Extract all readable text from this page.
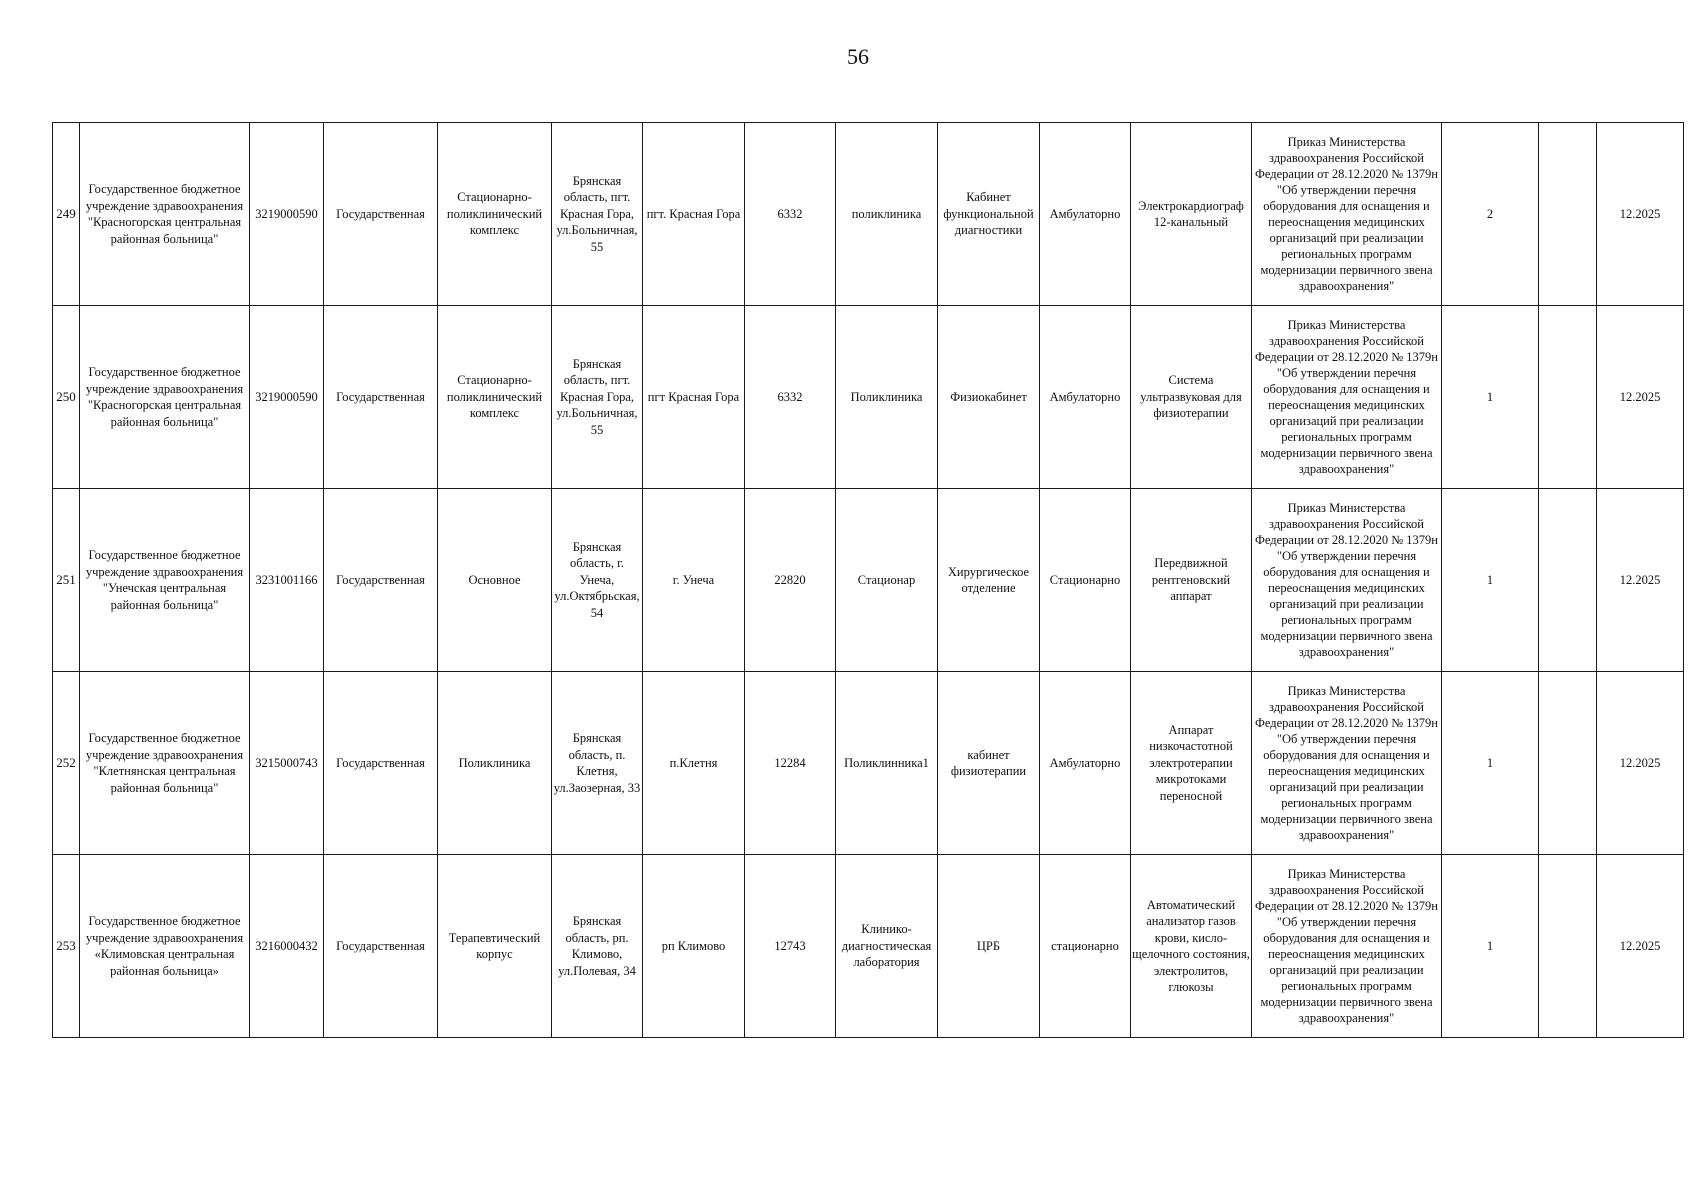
56
249	Государственное бюджетное учреждение здравоохранения "Красногорская центральная районная больница"	3219000590	Государственная	Стационарно-поликлинический комплекс	Брянская область, пгт. Красная Гора, ул.Больничная, 55	пгт. Красная Гора	6332	поликлиника	Кабинет функциональной диагностики	Амбулаторно	Электрокардиограф 12-канальный	Приказ Министерства здравоохранения Российской Федерации от 28.12.2020 № 1379н "Об утверждении перечня оборудования для оснащения и переоснащения медицинских организаций при реализации региональных программ модернизации первичного звена здравоохранения"	2		12.2025
250	Государственное бюджетное учреждение здравоохранения "Красногорская центральная районная больница"	3219000590	Государственная	Стационарно-поликлинический комплекс	Брянская область, пгт. Красная Гора, ул.Больничная, 55	пгт Красная Гора	6332	Поликлиника	Физиокабинет	Амбулаторно	Система ультразвуковая для физиотерапии	Приказ Министерства здравоохранения Российской Федерации от 28.12.2020 № 1379н "Об утверждении перечня оборудования для оснащения и переоснащения медицинских организаций при реализации региональных программ модернизации первичного звена здравоохранения"	1		12.2025
251	Государственное бюджетное учреждение здравоохранения "Унечская центральная районная больница"	3231001166	Государственная	Основное	Брянская область, г. Унеча, ул.Октябрьская, 54	г. Унеча	22820	Стационар	Хирургическое отделение	Стационарно	Передвижной рентгеновский аппарат	Приказ Министерства здравоохранения Российской Федерации от 28.12.2020 № 1379н "Об утверждении перечня оборудования для оснащения и переоснащения медицинских организаций при реализации региональных программ модернизации первичного звена здравоохранения"	1		12.2025
252	Государственное бюджетное учреждение здравоохранения "Клетнянская центральная районная больница"	3215000743	Государственная	Поликлиника	Брянская область, п. Клетня, ул.Заозерная, 33	п.Клетня	12284	Поликлинника1	кабинет физиотерапии	Амбулаторно	Аппарат низкочастотной электротерапии микротоками переносной	Приказ Министерства здравоохранения Российской Федерации от 28.12.2020 № 1379н "Об утверждении перечня оборудования для оснащения и переоснащения медицинских организаций при реализации региональных программ модернизации первичного звена здравоохранения"	1		12.2025
253	Государственное бюджетное учреждение здравоохранения «Климовская центральная районная больница»	3216000432	Государственная	Терапевтический корпус	Брянская область, рп. Климово, ул.Полевая, 34	рп Климово	12743	Клинико-диагностическая лаборатория	ЦРБ	стационарно	Автоматический анализатор газов крови, кисло-щелочного состояния, электролитов, глюкозы	Приказ Министерства здравоохранения Российской Федерации от 28.12.2020 № 1379н "Об утверждении перечня оборудования для оснащения и переоснащения медицинских организаций при реализации региональных программ модернизации первичного звена здравоохранения"	1		12.2025
